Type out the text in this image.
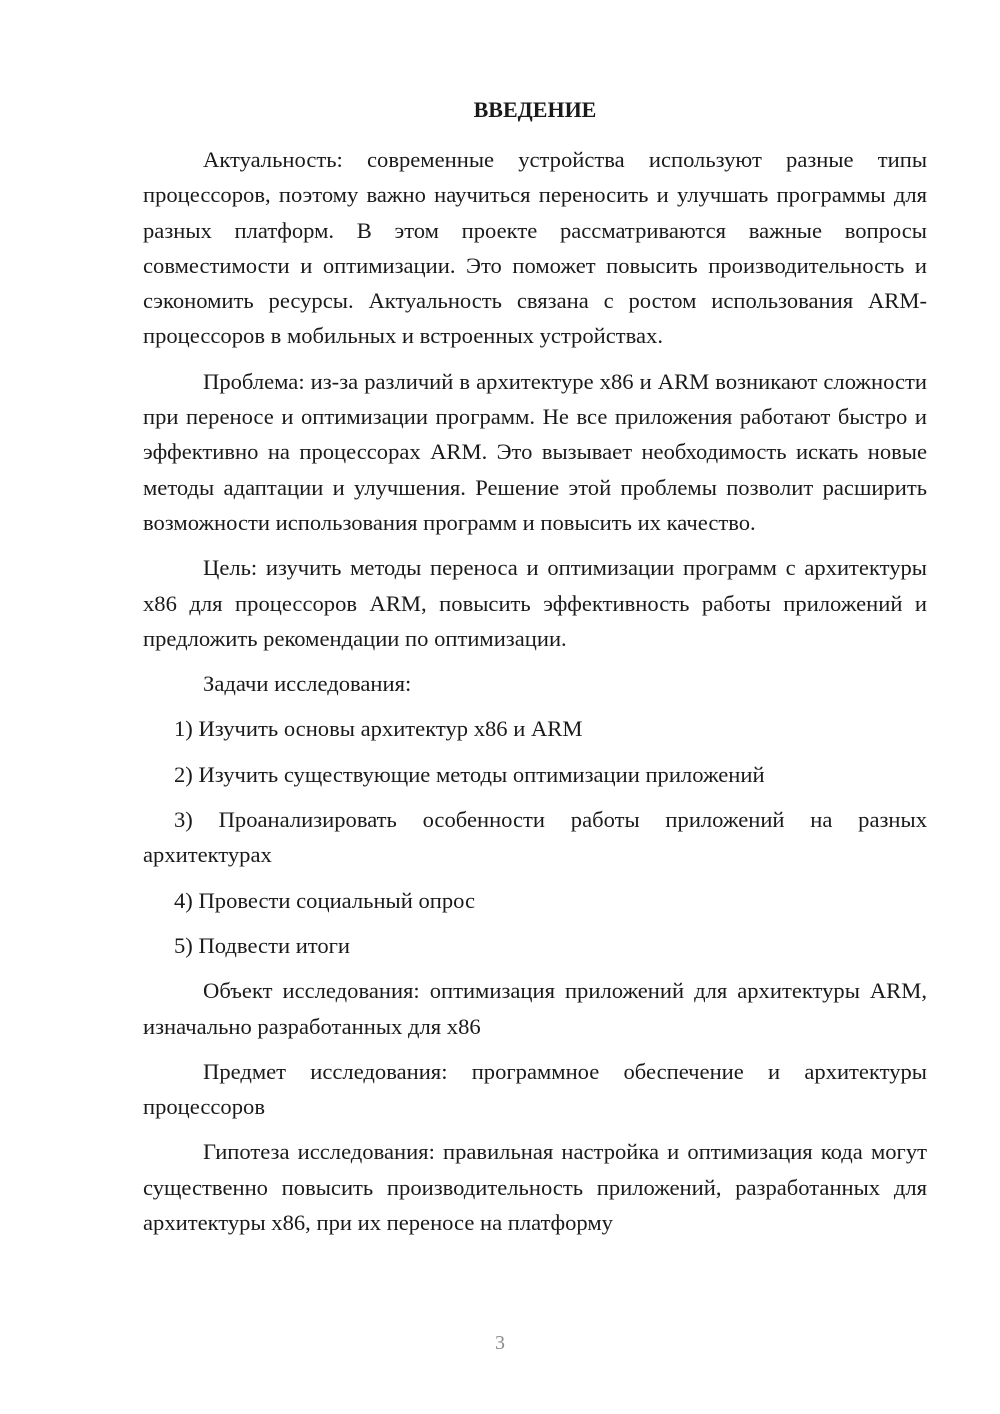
ВВЕДЕНИЕ

Актуальность: современные устройства используют разные типы процессоров, поэтому важно научиться переносить и улучшать программы для разных платформ. В этом проекте рассматриваются важные вопросы совместимости и оптимизации. Это поможет повысить производительность и сэкономить ресурсы. Актуальность связана с ростом использования ARM-процессоров в мобильных и встроенных устройствах.

Проблема: из-за различий в архитектуре x86 и ARM возникают сложности при переносе и оптимизации программ. Не все приложения работают быстро и эффективно на процессорах ARM. Это вызывает необходимость искать новые методы адаптации и улучшения. Решение этой проблемы позволит расширить возможности использования программ и повысить их качество.

Цель: изучить методы переноса и оптимизации программ с архитектуры x86 для процессоров ARM, повысить эффективность работы приложений и предложить рекомендации по оптимизации.

Задачи исследования:

1) Изучить основы архитектур x86 и ARM

2) Изучить существующие методы оптимизации приложений

3) Проанализировать особенности работы приложений на разных архитектурах

4) Провести социальный опрос

5) Подвести итоги

Объект исследования: оптимизация приложений для архитектуры ARM, изначально разработанных для x86

Предмет исследования: программное обеспечение и архитектуры процессоров

Гипотеза исследования: правильная настройка и оптимизация кода могут существенно повысить производительность приложений, разработанных для архитектуры x86, при их переносе на платформу

3
